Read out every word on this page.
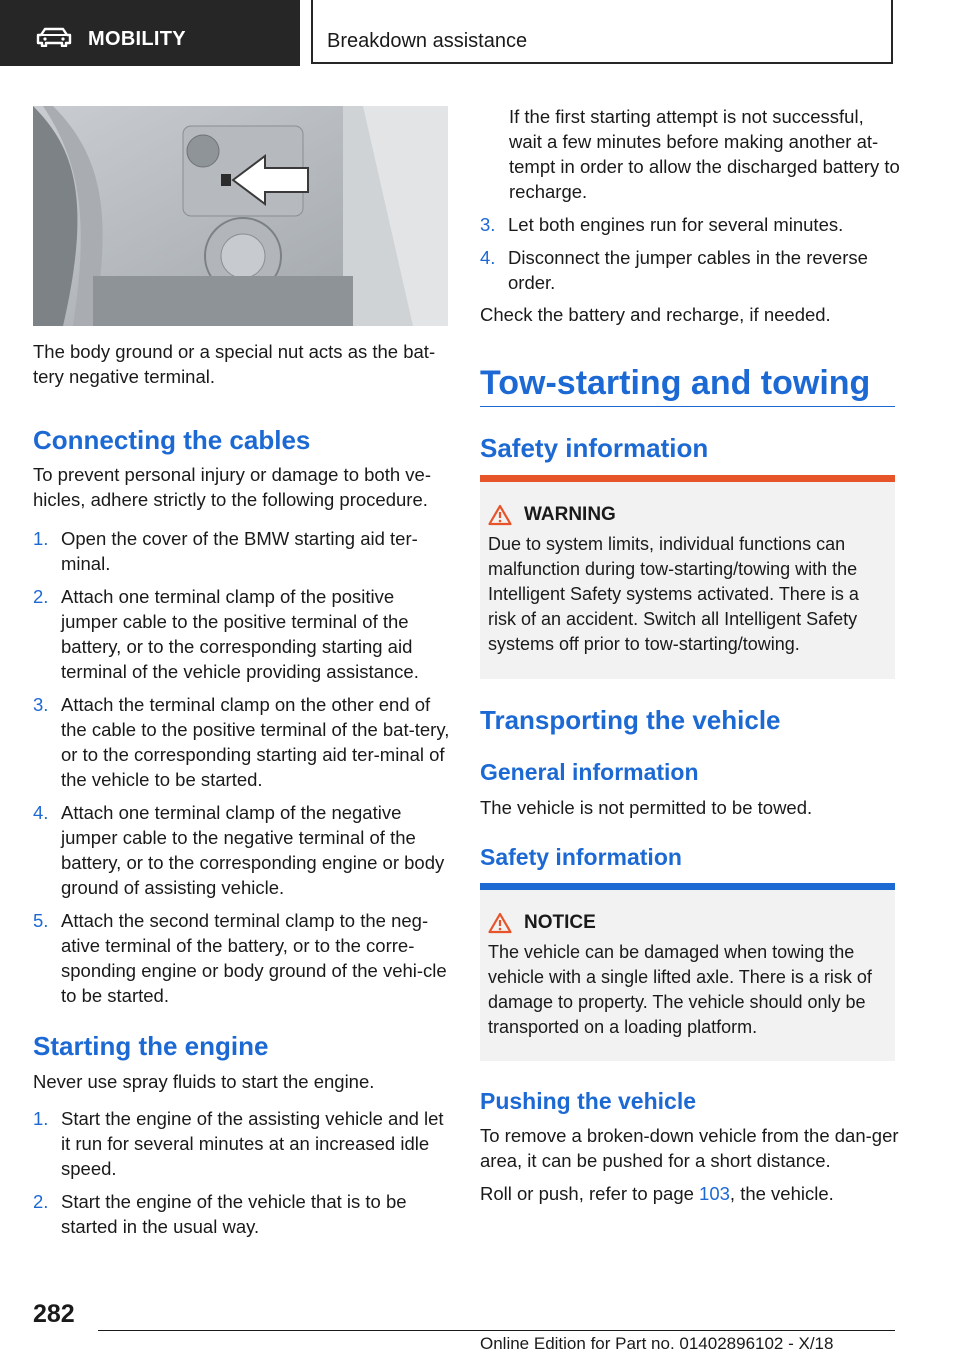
MOBILITY	Breakdown assistance

The body ground or a special nut acts as the bat-
tery negative terminal.

Connecting the cables

To prevent personal injury or damage to both ve-hicles, adhere strictly to the following procedure.

1. Open the cover of the BMW starting aid ter-minal.
2. Attach one terminal clamp of the positive jumper cable to the positive terminal of the battery, or to the corresponding starting aid terminal of the vehicle providing assistance.
3. Attach the terminal clamp on the other end of the cable to the positive terminal of the bat-tery, or to the corresponding starting aid ter-minal of the vehicle to be started.
4. Attach one terminal clamp of the negative jumper cable to the negative terminal of the battery, or to the corresponding engine or body ground of assisting vehicle.
5. Attach the second terminal clamp to the neg-ative terminal of the battery, or to the corre-sponding engine or body ground of the vehi-cle to be started.
Starting the engine

Never use spray fluids to start the engine.

1. Start the engine of the assisting vehicle and let it run for several minutes at an increased idle speed.
2. Start the engine of the vehicle that is to be started in the usual way.

If the first starting attempt is not successful, wait a few minutes before making another at-tempt in order to allow the discharged battery to recharge.

3. Let both engines run for several minutes.
4. Disconnect the jumper cables in the reverse order.

Check the battery and recharge, if needed.

Tow-starting and towing
Safety information
WARNING
Due to system limits, individual functions can malfunction during tow-starting/towing with the Intelligent Safety systems activated. There is a risk of an accident. Switch all Intelligent Safety systems off prior to tow-starting/towing.
Transporting the vehicle
General information

The vehicle is not permitted to be towed.

Safety information
NOTICE
The vehicle can be damaged when towing the vehicle with a single lifted axle. There is a risk of damage to property. The vehicle should only be transported on a loading platform.
Pushing the vehicle

To remove a broken-down vehicle from the dan-ger area, it can be pushed for a short distance.

Roll or push, refer to page 103, the vehicle.

282
Online Edition for Part no. 01402896102 - X/18
